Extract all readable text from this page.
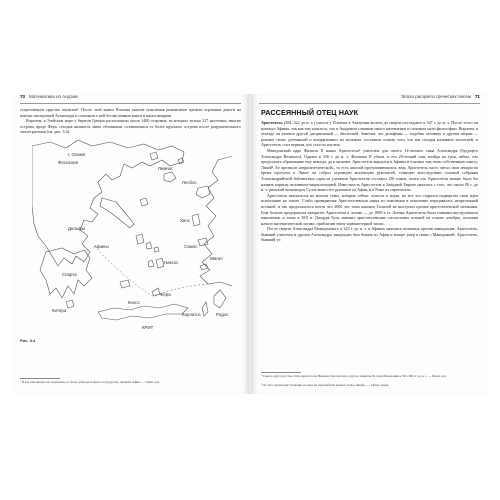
70 Математика из Андзии

тущественное царство атлантов¹. После этой книги Платона многие поколения романтиков тратили огромные деньги на поиски затонувшей Атлантиды и сочиняли о ней бесчисленные книги и киносценарии.

Впрочем, в Эгейском море у берегов Греции расположено около 1400 островов, из которых только 227 населены; многие острова, вроде Фера, сегодня являются лишь обломками, оставшимися от более крупного острова после разрушительного землетрясения (см. рис. 3.4).

Фессалия
г. Олимп
Дельфы
Афины
Спарта
Китера
Кносс
КРИТ
Фера
Лесбос
Хиос
Самос
Родос
Карпатос
Наксос
Милет
Лемнос
Рис. 3.4
¹ И как нам интересно переменно от более добродетельного государства, Древних Афин. — Прим. ред.
Эпоха расцвета греческих писем 71
РАССЕЯННЫЙ ОТЕЦ НАУК

Аристотель (384–322 до н. э.) учился у Платона в Академии вплоть до смерти последнего в 347 г. до н. э. После этого он покинул Афины, так как ему казалось, что в Академии слишком много математики и слишком мало философии. Впрочем, в отъезде он увлекся другой дисциплиной — биологией. Заметки, что дельфины — подобно человеку и другим зверям — рожают своих детенышей и вскармливают их молоком, составили основу того, что мы сегодня называем зоологией, и Аристотель стал первым, кто стал их изучать.

Македонский царь Филипп II нанял Аристотеля² учителем для своего 14-летнего сына Александра (будущего Александра Великого). Однако в 336 г. до н. э. Филиппа II убили, и его 20-летний сын, взойдя на трон, забыл, что продолжать образование ему некогда, да и незачем. Аристотель вернулся в Афины и основал там свою собственную школу, Ликей³. Ее прозвали «перипатетической», то есть школой прогуливающихся, ведь Аристотель часто читал свои лекции во время прогулок в Ликее он собрал огромную коллекцию рукописей, ставшую впоследствии основой собрания Александрийской библиотеки; один из учеников Аристотеля составил 150 томов, почти что Аристотеля можно было бы назвать первым человеком-энциклопедией. Известность Аристотеля в Западной Европе началась с того, что около 80 г. до н. э. римский полководец Сулла вывез его рукописи из Афин, и в Риме их переписали.

Аристотель высказался на многие темы, которые сейчас относят к науке, но все это старался подвергать свои идеи испытанию на опыте. Слабо проверяемая Аристотелевская наука из поколения в поколение передавалась непреложной истиной, и так продолжалось почти что 2000 лет, пока наконец Галилей не выступил против аристотелевской механики. Еще больше продержался авторитет Аристотеля в логике — до 1800-х гг. Логика Аристотеля была главным инструментом мышления, и лишь в XIX в. Джордж Буль заменил аристотелевские силлогизмы логикой на основе алгебры, положив начало математической логике, приблизив эпоху компьютерной эпохи.

После смерти Александра Македонского в 323 г. до н. э. в Афинах начались волнения против македонцев. Аристотель, бывший учителем и другом Александра, вынужден был бежать из Афин и вскоре умер в связи с Македонией. Аристотель, бывший уч

² Самого друга детства. Отец Аристотеля Никомах был врачом в другом Аминты III, царя Македонии в 393–369 гг. до н. э. — Прим. ред.
³ От него происходит название во многих европейских языках слова «лицей». — Прим. перев.
